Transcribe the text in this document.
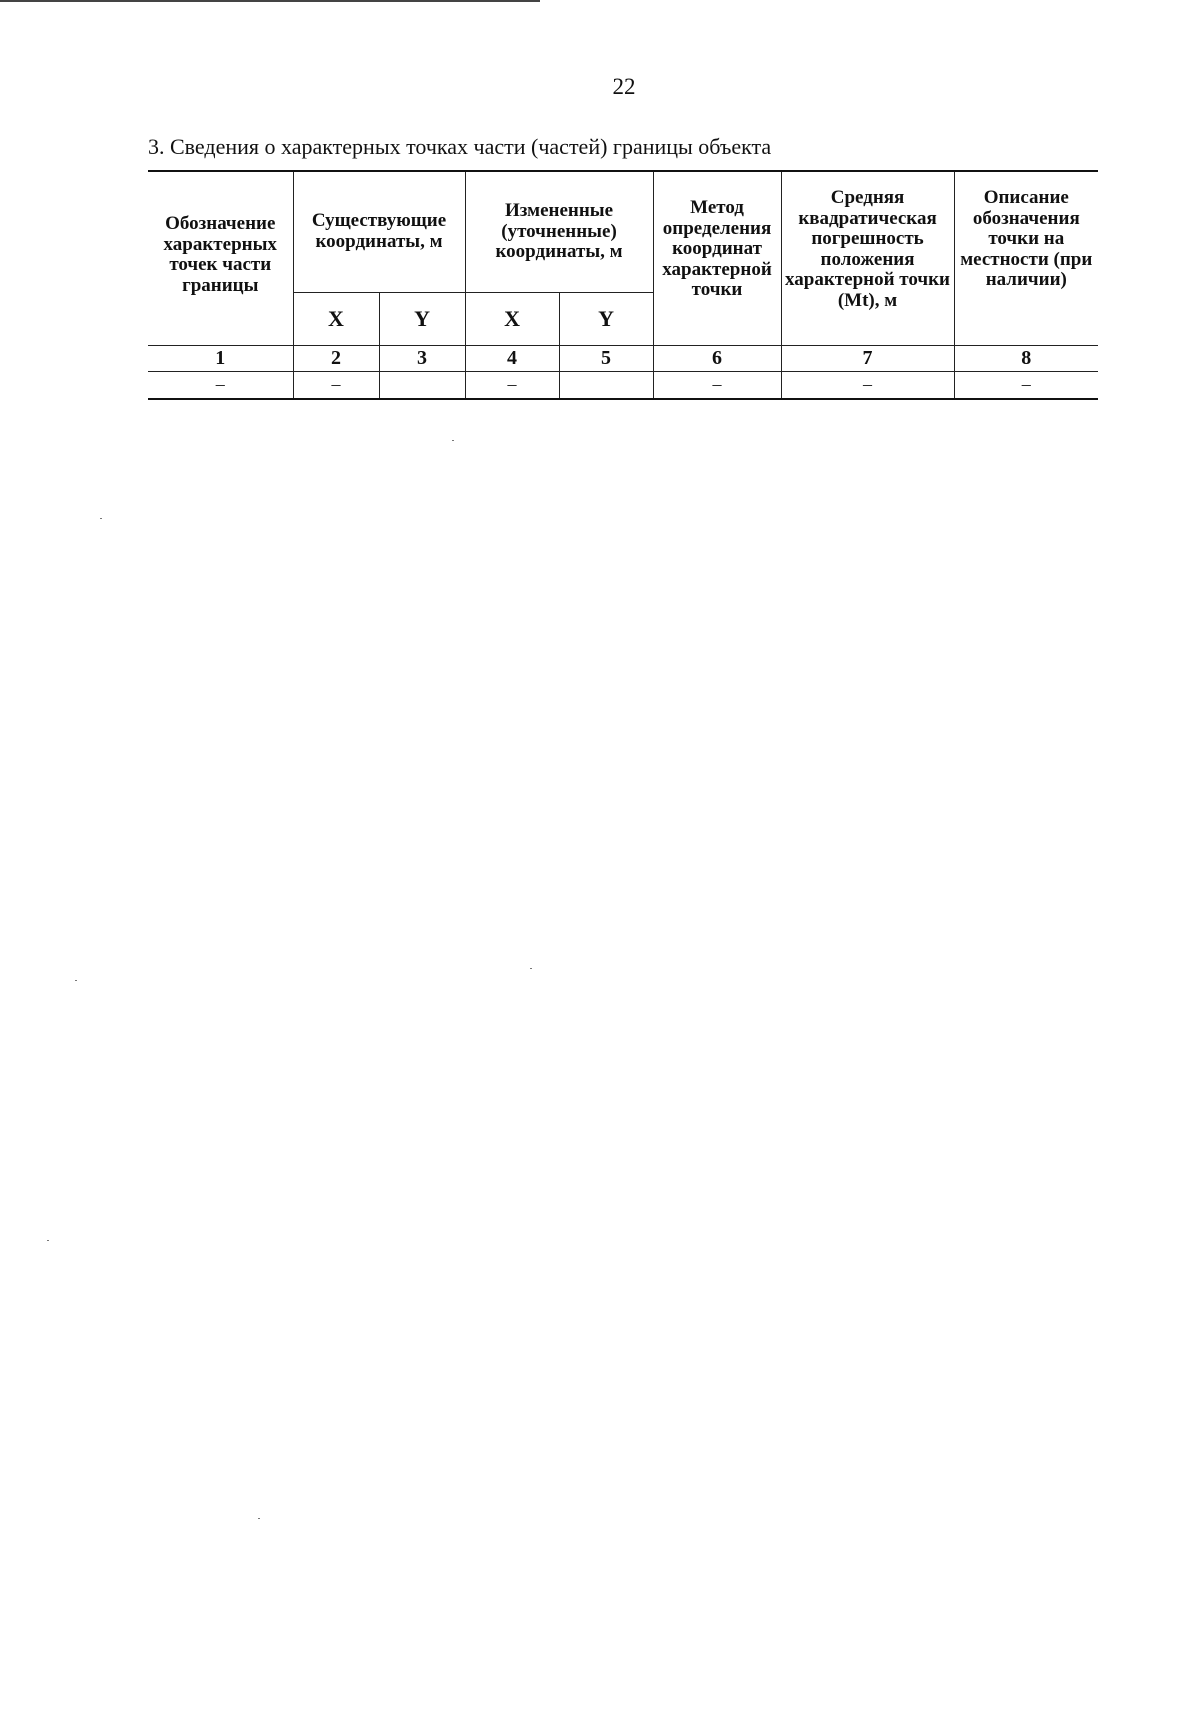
22
3. Сведения о характерных точках части (частей) границы объекта
Обозначение характерных точек части границы	Существующие координаты, м		Измененные (уточненные) координаты, м		Метод определения координат характерной точки	Средняя квадратическая погрешность положения характерной точки (Mt), м	Описание обозначения точки на местности (при наличии)
	X	Y	X	Y			
1	2	3	4	5	6	7	8
–	–		–		–	–	–
